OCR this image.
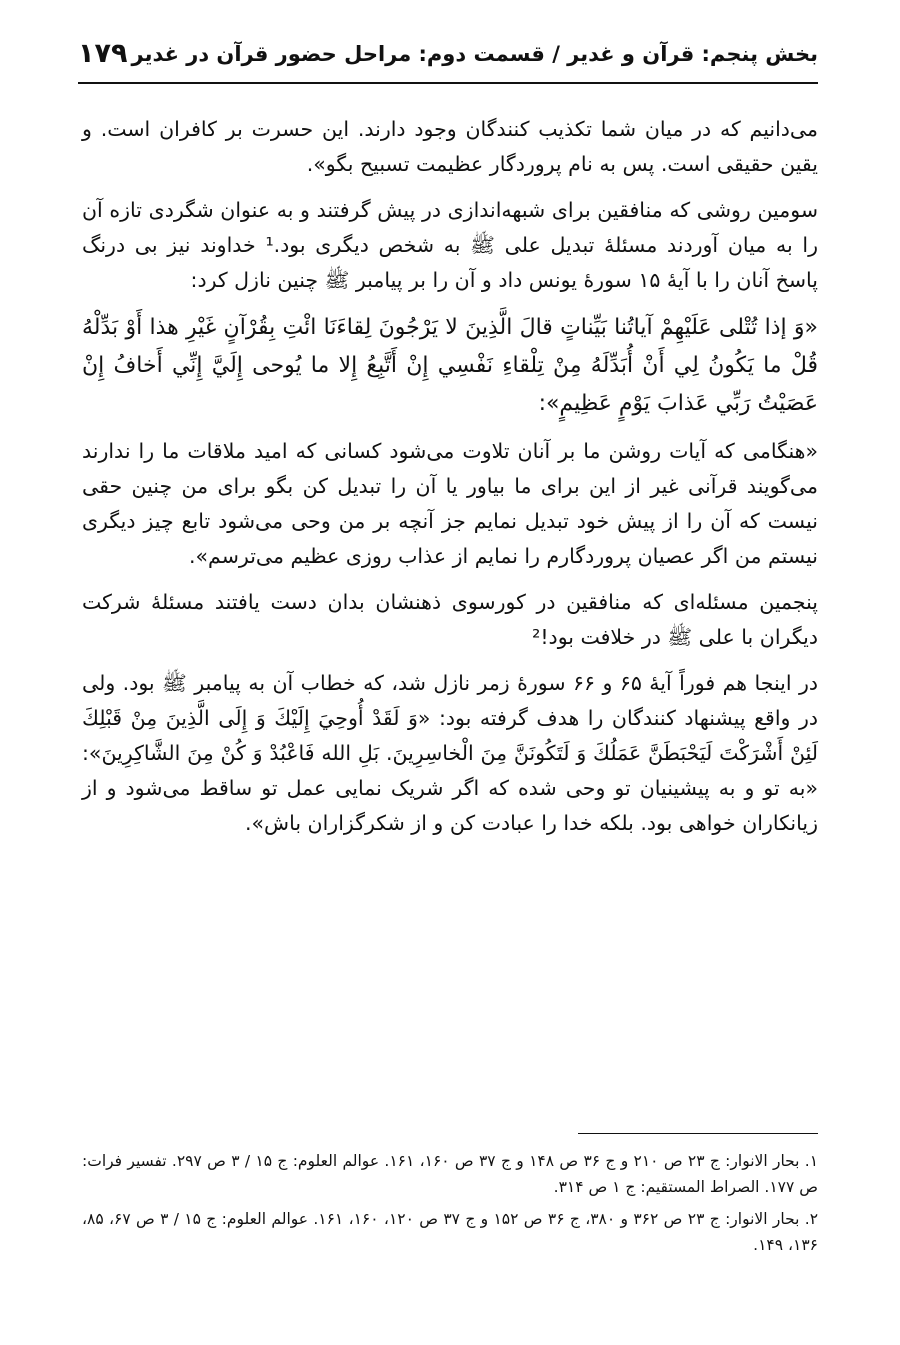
بخش پنجم: قرآن و غدیر / قسمت دوم: مراحل حضور قرآن در غدیر
۱۷۹

می‌دانیم که در میان شما تکذیب کنندگان وجود دارند. این حسرت بر کافران است. و یقین حقیقی است. پس به نام پروردگار عظیمت تسبیح بگو».

سومین روشی که منافقین برای شبهه‌اندازی در پیش گرفتند و به عنوان شگردی تازه آن را به میان آوردند مسئلهٔ تبدیل علی ﷺ به شخص دیگری بود.¹ خداوند نیز بی درنگ پاسخ آنان را با آیهٔ ۱۵ سورهٔ یونس داد و آن را بر پیامبر ﷺ چنین نازل کرد:

«وَ إذا تُتْلى عَلَيْهِمْ آياتُنا بَيِّناتٍ قالَ الَّذِينَ لا يَرْجُونَ لِقاءَنَا ائْتِ بِقُرْآنٍ غَيْرِ هذا أَوْ بَدِّلْهُ قُلْ ما يَكُونُ لِي أَنْ أُبَدِّلَهُ مِنْ تِلْقاءِ نَفْسِي إِنْ أَتَّبِعُ إِلا ما يُوحى إِلَيَّ إِنِّي أَخافُ إِنْ عَصَيْتُ رَبِّي عَذابَ يَوْمٍ عَظِيمٍ»:

«هنگامی که آیات روشن ما بر آنان تلاوت می‌شود کسانی که امید ملاقات ما را ندارند می‌گویند قرآنی غیر از این برای ما بیاور یا آن را تبدیل کن بگو برای من چنین حقی نیست که آن را از پیش خود تبدیل نمایم جز آنچه بر من وحی می‌شود تابع چیز دیگری نیستم من اگر عصیان پروردگارم را نمایم از عذاب روزی عظیم می‌ترسم».

پنجمین مسئله‌ای که منافقین در کورسوی ذهنشان بدان دست یافتند مسئلهٔ شرکت دیگران با علی ﷺ در خلافت بود!²

در اینجا هم فوراً آیهٔ ۶۵ و ۶۶ سورهٔ زمر نازل شد، که خطاب آن به پیامبر ﷺ بود. ولی در واقع پیشنهاد کنندگان را هدف گرفته بود: «وَ لَقَدْ أُوحِيَ إِلَيْكَ وَ إِلَى الَّذِينَ مِنْ قَبْلِكَ لَئِنْ أَشْرَكْتَ لَيَحْبَطَنَّ عَمَلُكَ وَ لَتَكُونَنَّ مِنَ الْخاسِرِينَ. بَلِ الله فَاعْبُدْ وَ كُنْ مِنَ الشَّاكِرِينَ»: «به تو و به پیشینیان تو وحی شده که اگر شریک نمایی عمل تو ساقط می‌شود و از زیانکاران خواهی بود. بلکه خدا را عبادت کن و از شکرگزاران باش».

۱. بحار الانوار: ج ۲۳ ص ۲۱۰ و ج ۳۶ ص ۱۴۸ و ج ۳۷ ص ۱۶۰، ۱۶۱. عوالم العلوم: ج ۱۵ / ۳ ص ۲۹۷. تفسیر فرات: ص ۱۷۷. الصراط المستقیم: ج ۱ ص ۳۱۴.

۲. بحار الانوار: ج ۲۳ ص ۳۶۲ و ۳۸۰، ج ۳۶ ص ۱۵۲ و ج ۳۷ ص ۱۲۰، ۱۶۰، ۱۶۱. عوالم العلوم: ج ۱۵ / ۳ ص ۶۷، ۸۵، ۱۳۶، ۱۴۹.
